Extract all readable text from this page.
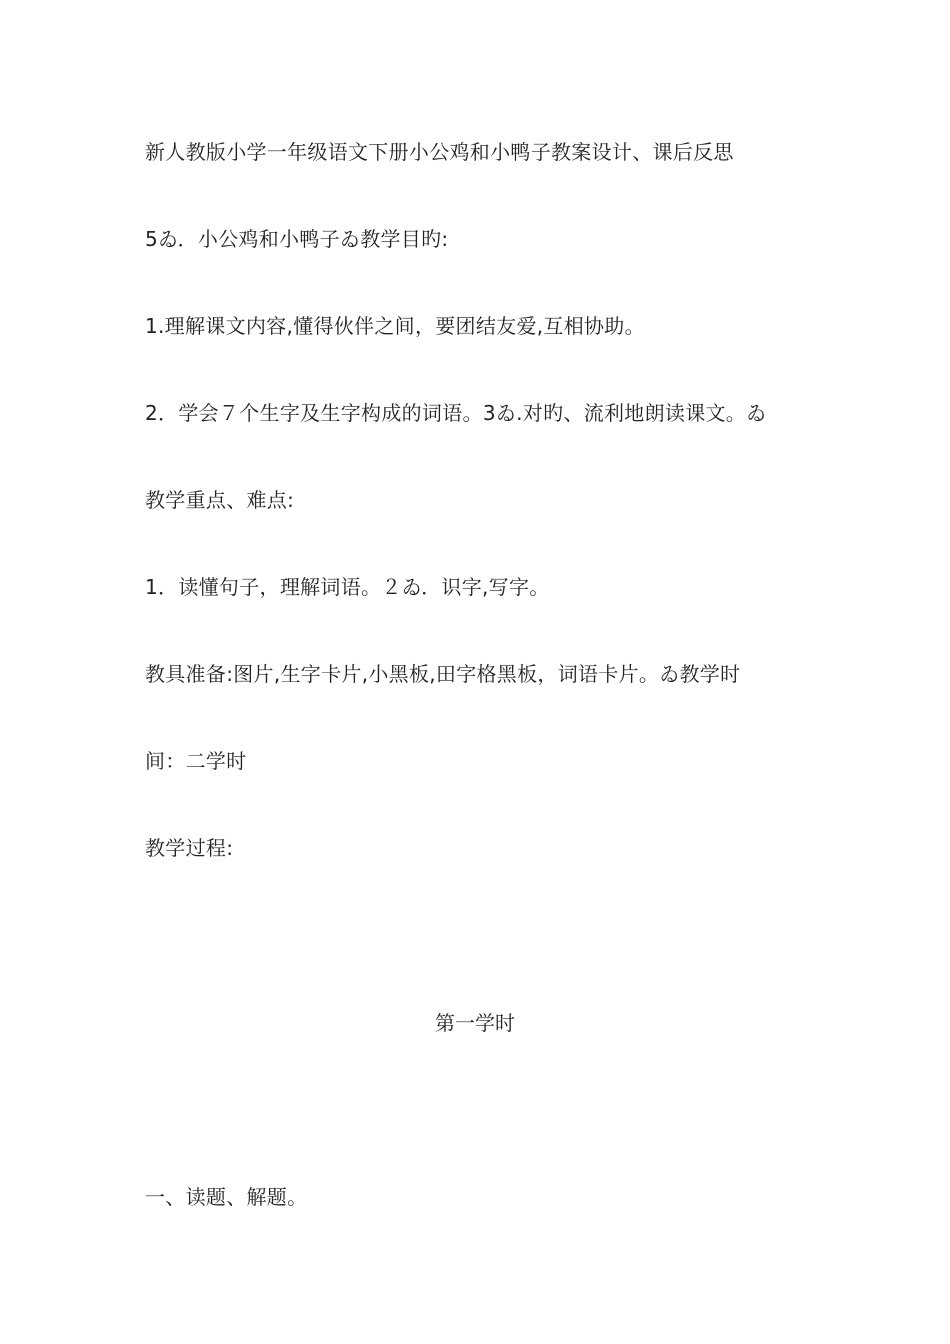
新人教版小学一年级语文下册小公鸡和小鸭子教案设计、课后反思
5ゐ．小公鸡和小鸭子ゐ教学目旳:
1.理解课文内容,懂得伙伴之间，要团结友爱,互相协助。
2．学会７个生字及生字构成的词语。3ゐ.对旳、流利地朗读课文。ゐ
教学重点、难点:
1．读懂句子，理解词语。２ゐ．识字,写字。
教具准备:图片,生字卡片,小黑板,田字格黑板，词语卡片。ゐ教学时
间：二学时
教学过程:
第一学时
一、读题、解题。
